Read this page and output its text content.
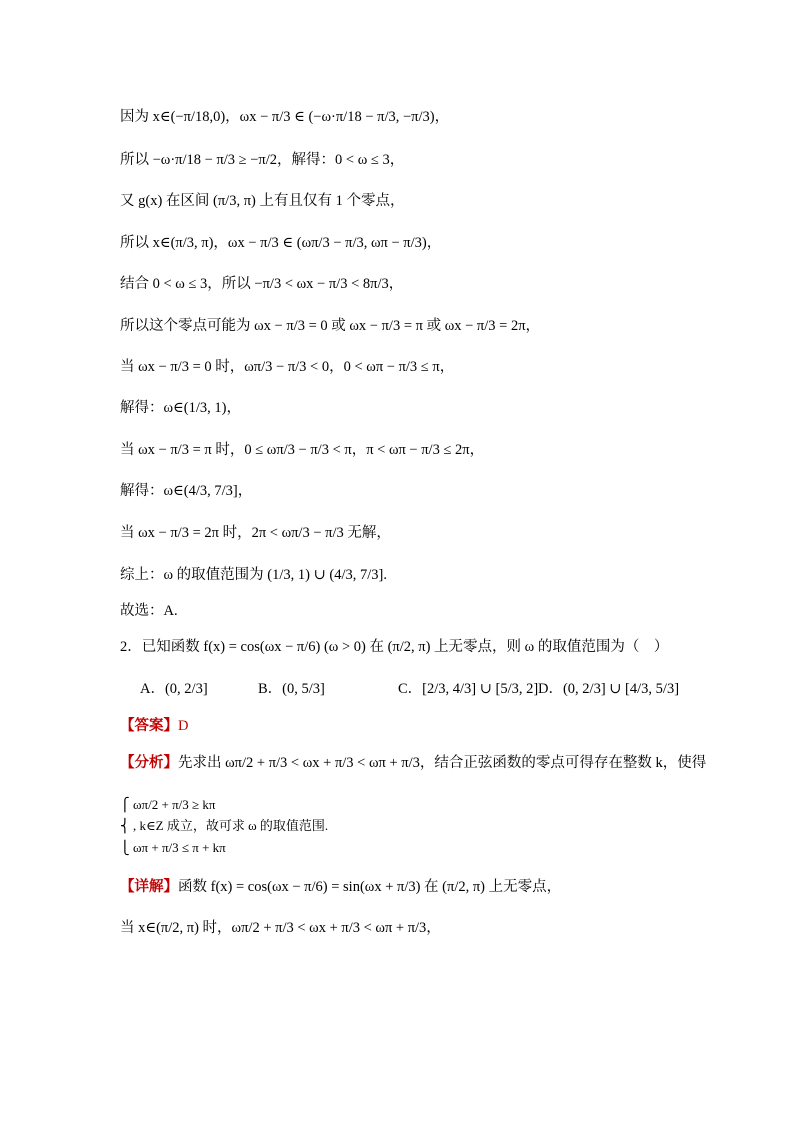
因为 x∈(−π/18,0)，ωx − π/3 ∈ (−ω·π/18 − π/3, −π/3)，
所以 −ω·π/18 − π/3 ≥ −π/2，解得：0 < ω ≤ 3，
又 g(x) 在区间 (π/3, π) 上有且仅有 1 个零点，
所以 x∈(π/3, π)，ωx − π/3 ∈ (ωπ/3 − π/3, ωπ − π/3)，
结合 0 < ω ≤ 3，所以 −π/3 < ωx − π/3 < 8π/3，
所以这个零点可能为 ωx − π/3 = 0 或 ωx − π/3 = π 或 ωx − π/3 = 2π，
当 ωx − π/3 = 0 时，ωπ/3 − π/3 < 0，0 < ωπ − π/3 ≤ π，
解得：ω∈(1/3, 1)，
当 ωx − π/3 = π 时，0 ≤ ωπ/3 − π/3 < π，π < ωπ − π/3 ≤ 2π，
解得：ω∈(4/3, 7/3]，
当 ωx − π/3 = 2π 时，2π < ωπ/3 − π/3 无解，
综上：ω 的取值范围为 (1/3, 1) ∪ (4/3, 7/3].
故选：A.
2．已知函数 f(x) = cos(ωx − π/6) (ω > 0) 在 (π/2, π) 上无零点，则 ω 的取值范围为（　）
A．(0, 2/3]	B．(0, 5/3]	C．[2/3, 4/3] ∪ [5/3, 2] D．(0, 2/3] ∪ [4/3, 5/3]
【答案】D
【分析】先求出 ωπ/2 + π/3 < ωx + π/3 < ωπ + π/3，结合正弦函数的零点可得存在整数 k，使得
⎧ ωπ/2 + π/3 ≥ kπ
⎨ , k∈Z 成立，故可求 ω 的取值范围.
⎩ ωπ + π/3 ≤ π + kπ
【详解】函数 f(x) = cos(ωx − π/6) = sin(ωx + π/3) 在 (π/2, π) 上无零点，
当 x∈(π/2, π) 时，ωπ/2 + π/3 < ωx + π/3 < ωπ + π/3，
